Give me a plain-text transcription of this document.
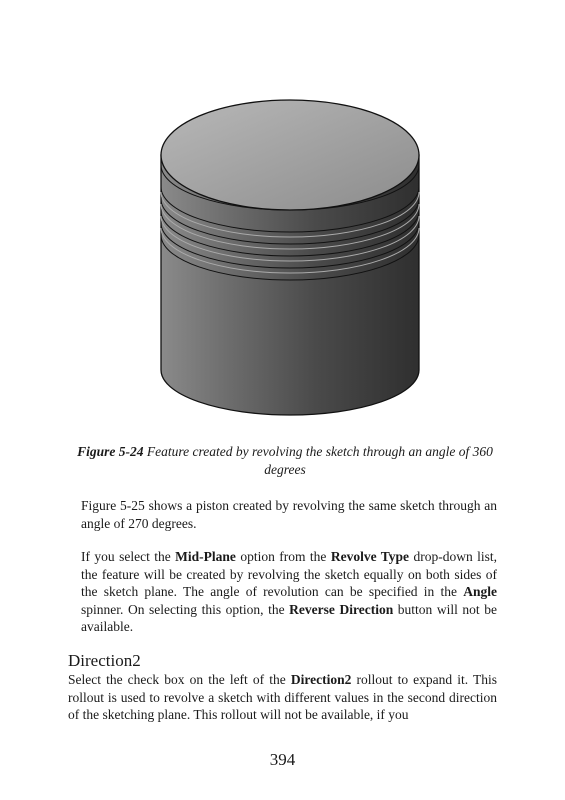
Figure 5-24 Feature created by revolving the sketch through an angle of 360 degrees

Figure 5-25 shows a piston created by revolving the same sketch through an angle of 270 degrees.

If you select the Mid-Plane option from the Revolve Type drop-down list, the feature will be created by revolving the sketch equally on both sides of the sketch plane. The angle of revolution can be specified in the Angle spinner. On selecting this option, the Reverse Direction button will not be available.

Direction2

Select the check box on the left of the Direction2 rollout to expand it. This rollout is used to revolve a sketch with different values in the second direction of the sketching plane. This rollout will not be available, if you

394
